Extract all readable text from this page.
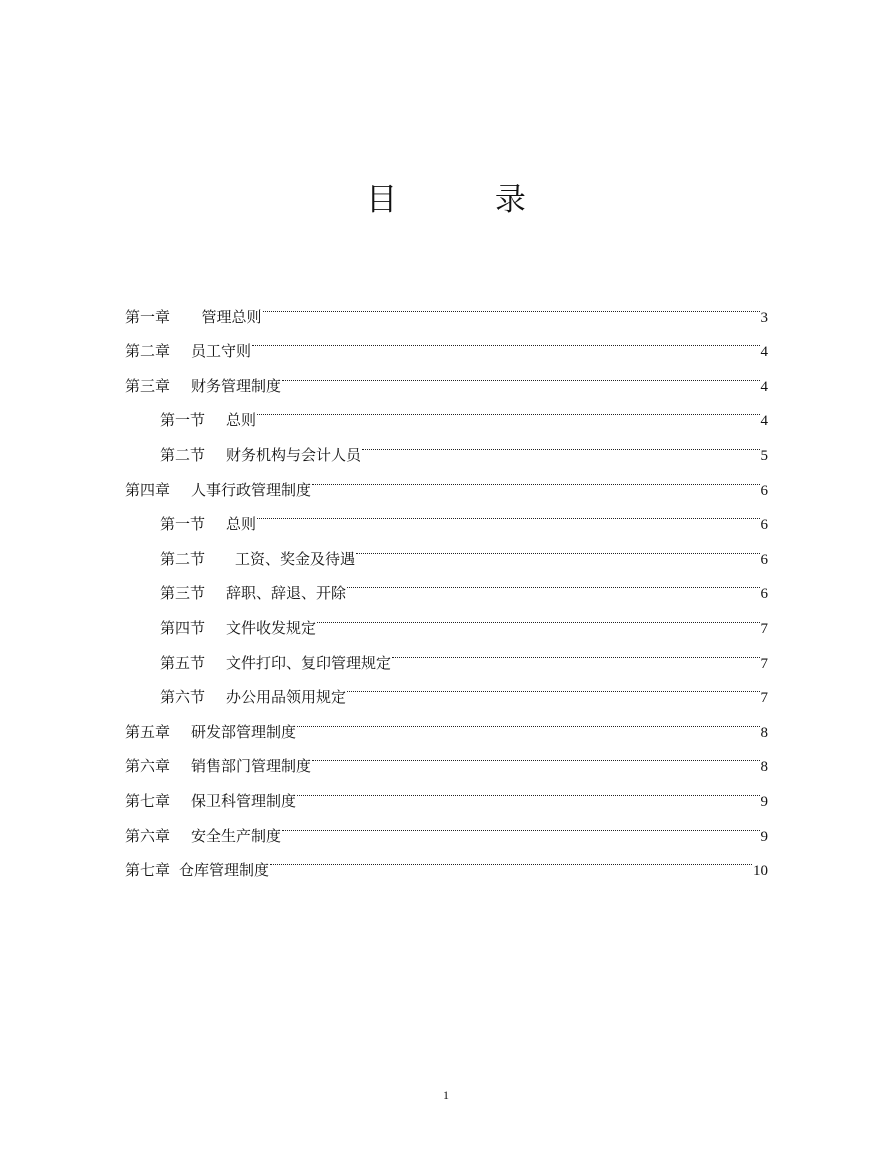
目 录
第一章 管理总则	3
第二章 员工守则	4
第三章 财务管理制度	4
第一节 总则	4
第二节 财务机构与会计人员	5
第四章 人事行政管理制度	6
第一节 总则	6
第二节 工资、奖金及待遇	6
第三节 辞职、辞退、开除	6
第四节 文件收发规定	7
第五节 文件打印、复印管理规定	7
第六节 办公用品领用规定	7
第五章 研发部管理制度	8
第六章 销售部门管理制度	8
第七章 保卫科管理制度	9
第六章 安全生产制度	9
第七章 仓库管理制度	10
1
